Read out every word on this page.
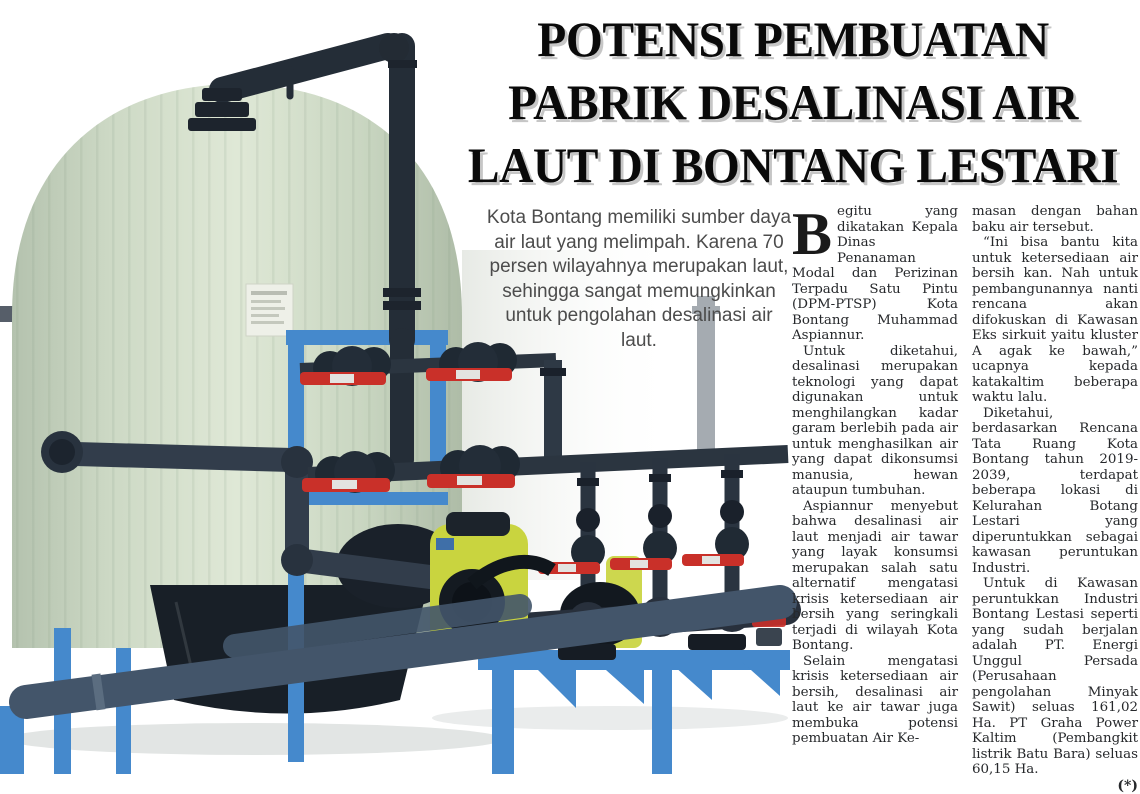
POTENSI PEMBUATAN
PABRIK DESALINASI AIR
LAUT DI BONTANG LESTARI

Kota Bontang memiliki sumber daya air laut yang melimpah. Karena 70 persen wilayahnya merupakan laut, sehingga sangat memungkinkan untuk pengolahan desalinasi air laut.

Begitu yang dikatakan Kepala Dinas Penanaman Modal dan Perizinan Terpadu Satu Pintu (DPM-PTSP) Kota Bontang Muhammad Aspiannur.

Untuk diketahui, desalinasi merupakan teknologi yang dapat digunakan untuk menghilangkan kadar garam berlebih pada air untuk menghasilkan air yang dapat dikonsumsi manusia, hewan ataupun tumbuhan.

Aspiannur menyebut bahwa desalinasi air laut menjadi air tawar yang layak konsumsi merupakan salah satu alternatif mengatasi krisis ketersediaan air bersih yang seringkali terjadi di wilayah Kota Bontang.

Selain mengatasi krisis ketersediaan air bersih, desalinasi air laut ke air tawar juga membuka potensi pembuatan Air Ke-

masan dengan bahan baku air tersebut.

“Ini bisa bantu kita untuk ketersediaan air bersih kan. Nah untuk pembangunannya nanti rencana akan difokuskan di Kawasan Eks sirkuit yaitu kluster A agak ke bawah,” ucapnya kepada katakaltim beberapa waktu lalu.

Diketahui, berdasarkan Rencana Tata Ruang Kota Bontang tahun 2019-2039, terdapat beberapa lokasi di Kelurahan Botang Lestari yang diperuntukkan sebagai kawasan peruntukan Industri.

Untuk di Kawasan peruntukkan Industri Bontang Lestasi seperti yang sudah berjalan adalah PT. Energi Unggul Persada (Perusahaan pengolahan Minyak Sawit) seluas 161,02 Ha. PT Graha Power Kaltim (Pembangkit listrik Batu Bara) seluas 60,15 Ha.

(*)
